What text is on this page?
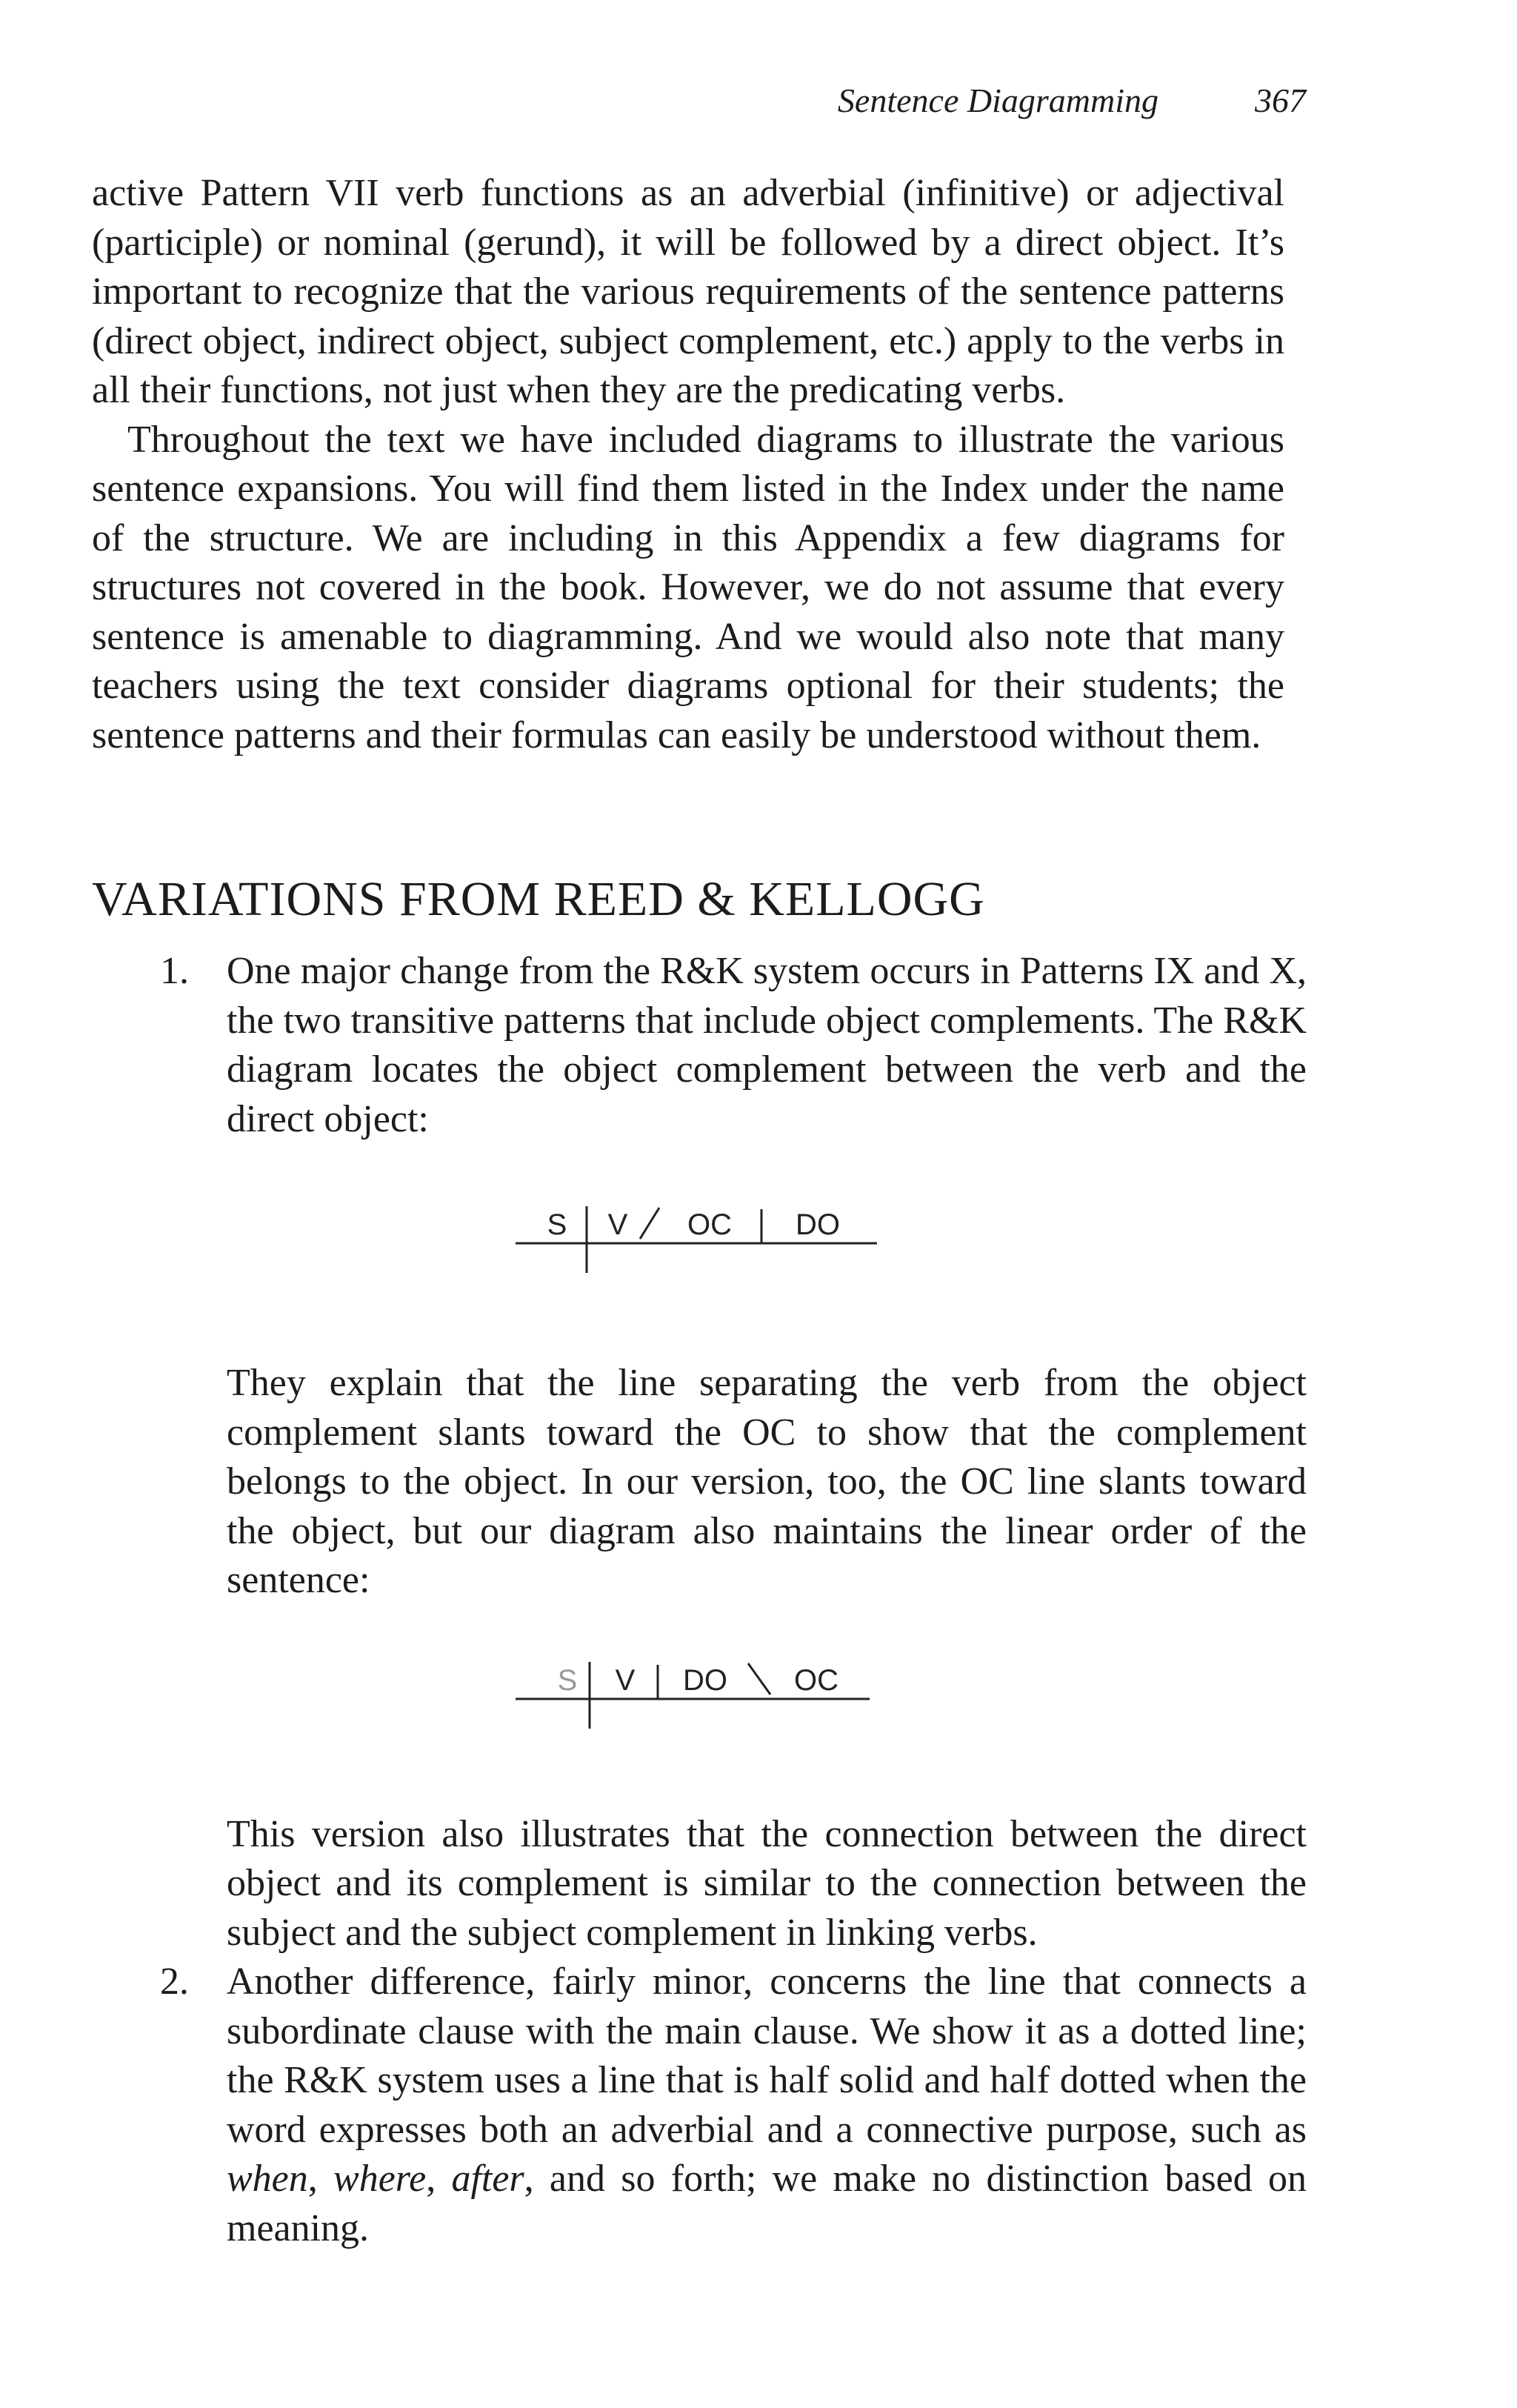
Sentence Diagramming	367

active Pattern VII verb functions as an adverbial (infinitive) or adjectival (participle) or nominal (gerund), it will be followed by a direct object. It’s important to recognize that the various requirements of the sentence patterns (direct object, indirect object, subject complement, etc.) apply to the verbs in all their functions, not just when they are the predicating verbs.

Throughout the text we have included diagrams to illustrate the various sentence expansions. You will find them listed in the Index under the name of the structure. We are including in this Appendix a few diagrams for structures not covered in the book. However, we do not assume that every sentence is amenable to diagramming. And we would also note that many teachers using the text consider diagrams optional for their students; the sentence patterns and their formulas can easily be understood without them.

VARIATIONS FROM REED & KELLOGG
1. One major change from the R&K system occurs in Patterns IX and X, the two transitive patterns that include object complements. The R&K diagram locates the object complement between the verb and the direct object:

S V OC DO

They explain that the line separating the verb from the object complement slants toward the OC to show that the complement belongs to the object. In our version, too, the OC line slants toward the object, but our diagram also maintains the linear order of the sentence:

S V DO OC

This version also illustrates that the connection between the direct object and its complement is similar to the connection between the subject and the subject complement in linking verbs.

2. Another difference, fairly minor, concerns the line that connects a subordinate clause with the main clause. We show it as a dotted line; the R&K system uses a line that is half solid and half dotted when the word expresses both an adverbial and a connective purpose, such as when, where, after, and so forth; we make no distinction based on meaning.
